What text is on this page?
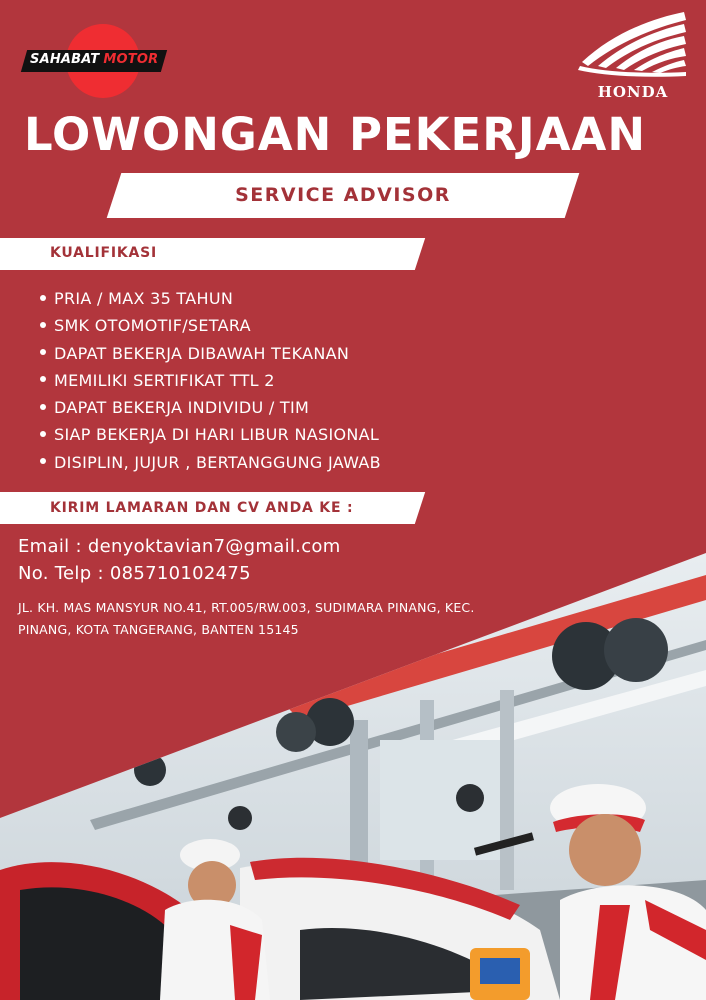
SAHABAT MOTOR
HONDA
LOWONGAN PEKERJAAN
SERVICE ADVISOR
KUALIFIKASI
PRIA / MAX 35 TAHUN
SMK OTOMOTIF/SETARA
DAPAT BEKERJA DIBAWAH TEKANAN
MEMILIKI SERTIFIKAT TTL 2
DAPAT BEKERJA INDIVIDU / TIM
SIAP BEKERJA DI HARI LIBUR NASIONAL
DISIPLIN, JUJUR , BERTANGGUNG JAWAB
KIRIM LAMARAN DAN CV ANDA KE :
Email : denyoktavian7@gmail.com
No. Telp : 085710102475
JL. KH. MAS MANSYUR NO.41, RT.005/RW.003, SUDIMARA PINANG, KEC. PINANG, KOTA TANGERANG, BANTEN 15145
